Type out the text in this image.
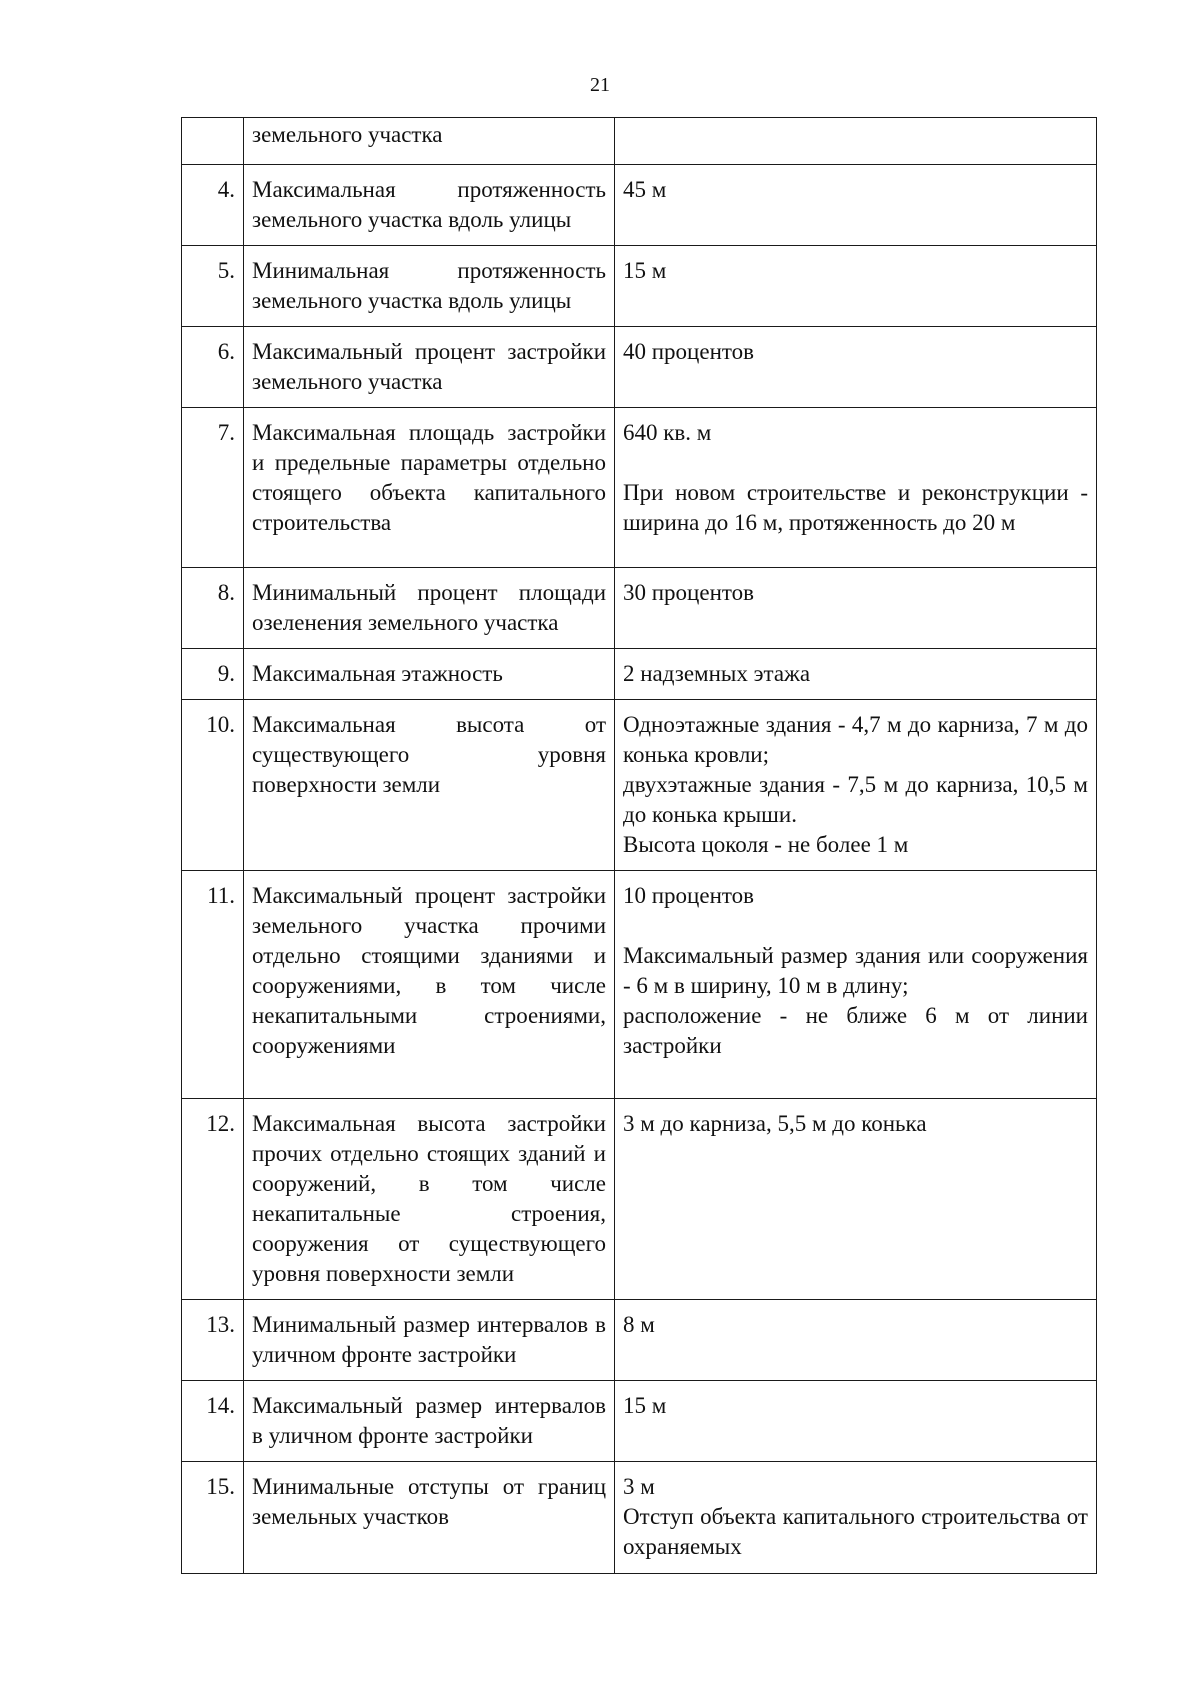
21
	земельного участка	
4.	Максимальная протяженность земельного участка вдоль улицы	45 м

5.	Минимальная протяженность земельного участка вдоль улицы	15 м

6.	Максимальный процент застройки земельного участка	40 процентов

7.	Максимальная площадь застройки и предельные параметры отдельно стоящего объекта капитального строительства	640 кв. м
При новом строительстве и реконструкции - ширина до 16 м, протяженность до 20 м

8.	Минимальный процент площади озеленения земельного участка	30 процентов

9.	Максимальная этажность	2 надземных этажа

10.	Максимальная высота от существующего уровня поверхности земли	Одноэтажные здания - 4,7 м до карниза, 7 м до конька кровли;
двухэтажные здания - 7,5 м до карниза, 10,5 м до конька крыши.
Высота цоколя - не более 1 м

11.	Максимальный процент застройки земельного участка прочими отдельно стоящими зданиями и сооружениями, в том числе некапитальными строениями, сооружениями	10 процентов
Максимальный размер здания или сооружения - 6 м в ширину, 10 м в длину;
расположение - не ближе 6 м от линии застройки

12.	Максимальная высота застройки прочих отдельно стоящих зданий и сооружений, в том числе некапитальные строения, сооружения от существующего уровня поверхности земли	3 м до карниза, 5,5 м до конька

13.	Минимальный размер интервалов в уличном фронте застройки	8 м

14.	Максимальный размер интервалов в уличном фронте застройки	15 м

15.	Минимальные отступы от границ земельных участков	3 м
Отступ объекта капитального строительства от охраняемых
